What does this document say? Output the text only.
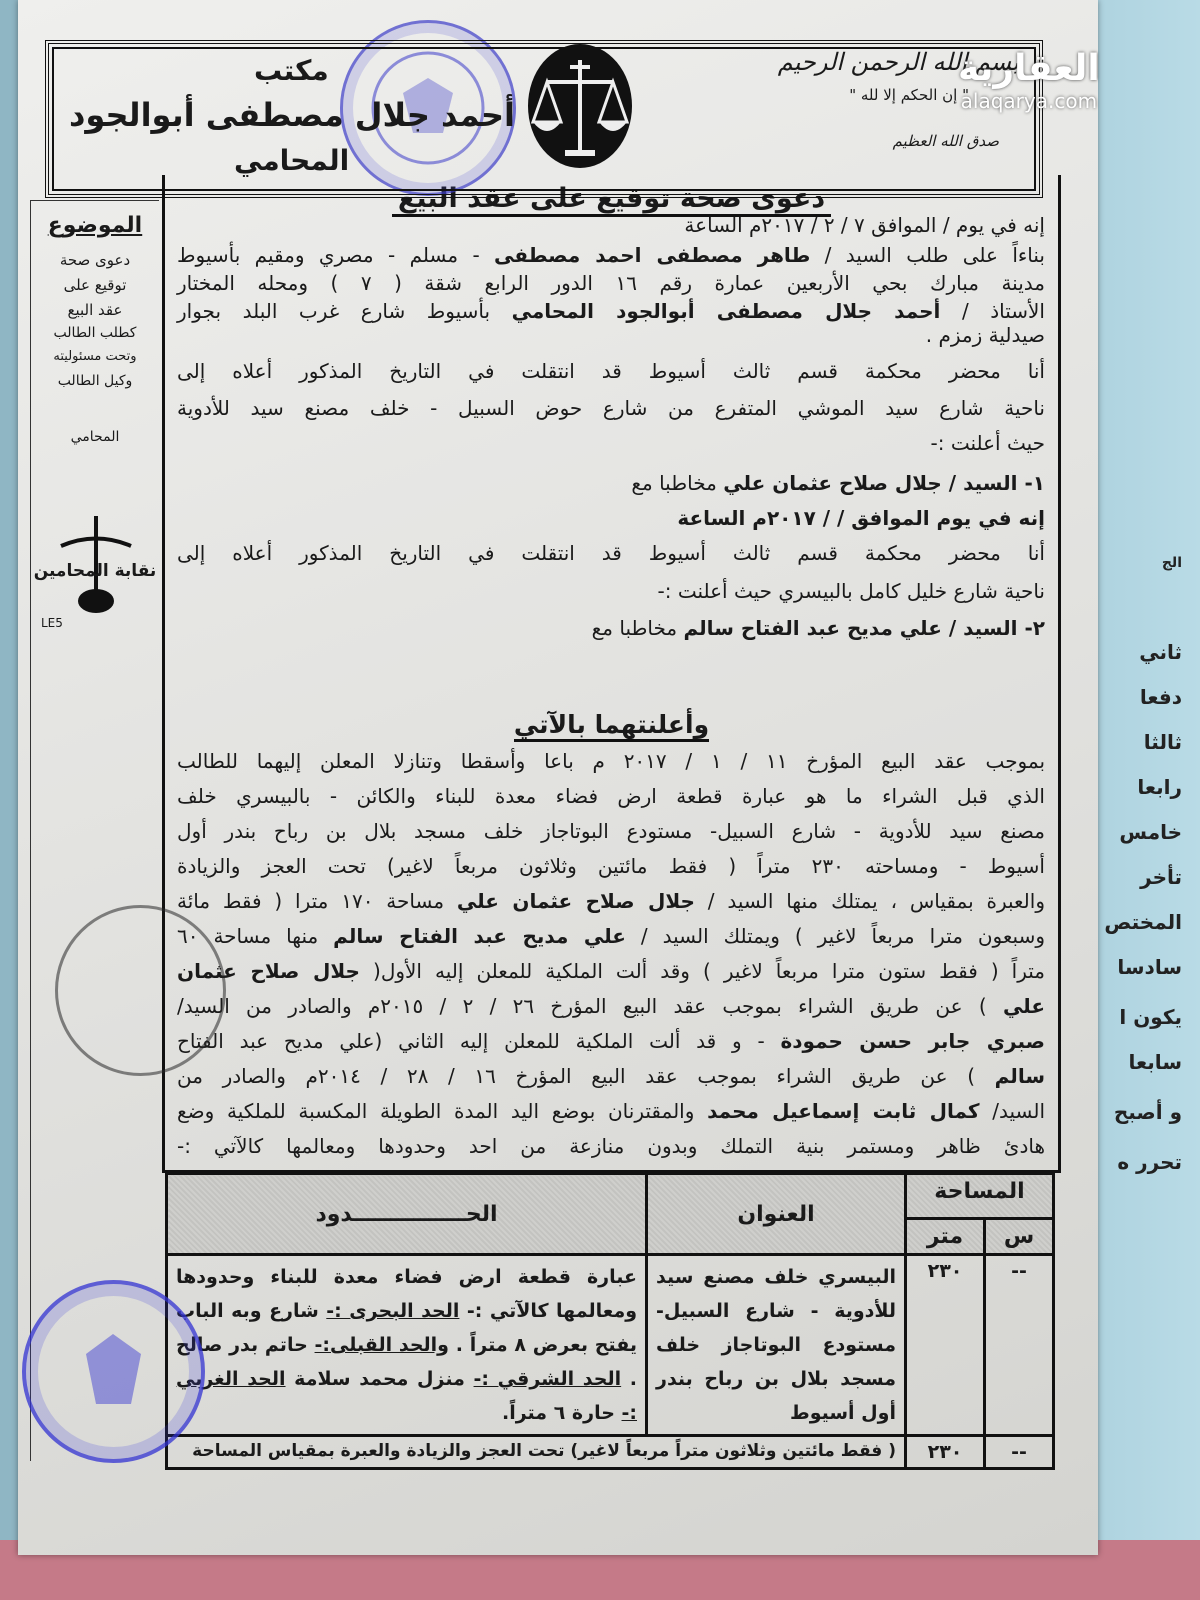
الج
ثاني
دفعا
ثالثا
رابعا
خامس
تأخر
المختص
سادسا
يكون ا
سابعا
و أصبح
تحرر ه
بسم الله الرحمن الرحيم
" إن الحكم إلا لله "
صدق الله العظيم
مكتب
أحمد جلال مصطفى أبوالجود
المحامي
العقارية
alaqarya.com
الموضوع
دعوى صحة
توقيع على
عقد البيع
كطلب الطالب
وتحت مسئوليته
وكيل الطالب
المحامي
نقابة المحامين
LE5
دعوى صحة توقيع على عقد البيع
إنه في يوم / الموافق ٧ / ٢ / ٢٠١٧م الساعة
بناءاً على طلب السيد / طاهر مصطفى احمد مصطفى - مسلم - مصري ومقيم بأسيوط
مدينة مبارك بحي الأربعين عمارة رقم ١٦ الدور الرابع شقة ( ٧ ) ومحله المختار
الأستاذ / أحمد جلال مصطفى أبوالجود المحامي بأسيوط شارع غرب البلد بجوار
صيدلية زمزم .
أنا محضر محكمة قسم ثالث أسيوط قد انتقلت في التاريخ المذكور أعلاه إلى
ناحية شارع سيد الموشي المتفرع من شارع حوض السبيل - خلف مصنع سيد للأدوية
حيث أعلنت :-
١- السيد / جلال صلاح عثمان علي مخاطبا مع
إنه في يوم الموافق / / ٢٠١٧م الساعة
أنا محضر محكمة قسم ثالث أسيوط قد انتقلت في التاريخ المذكور أعلاه إلى
ناحية شارع خليل كامل بالبيسري حيث أعلنت :-
٢- السيد / علي مديح عبد الفتاح سالم مخاطبا مع
بموجب عقد البيع المؤرخ ١١ / ١ / ٢٠١٧ م باعا وأسقطا وتنازلا المعلن إليهما للطالب
الذي قبل الشراء ما هو عبارة قطعة ارض فضاء معدة للبناء والكائن - بالبيسري خلف
مصنع سيد للأدوية - شارع السبيل- مستودع البوتاجاز خلف مسجد بلال بن رباح بندر أول
أسيوط - ومساحته ٢٣٠ متراً ( فقط مائتين وثلاثون مربعاً لاغير) تحت العجز والزيادة
والعبرة بمقياس ، يمتلك منها السيد / جلال صلاح عثمان علي مساحة ١٧٠ مترا ( فقط مائة
وسبعون مترا مربعاً لاغير ) ويمتلك السيد / علي مديح عبد الفتاح سالم منها مساحة ٦٠
متراً ( فقط ستون مترا مربعاً لاغير ) وقد ألت الملكية للمعلن إليه الأول( جلال صلاح عثمان
علي ) عن طريق الشراء بموجب عقد البيع المؤرخ ٢٦ / ٢ / ٢٠١٥م والصادر من السيد/
صبري جابر حسن حمودة - و قد ألت الملكية للمعلن إليه الثاني (علي مديح عبد الفتاح
سالم ) عن طريق الشراء بموجب عقد البيع المؤرخ ١٦ / ٢٨ / ٢٠١٤م والصادر من
السيد/ كمال ثابت إسماعيل محمد والمقترنان بوضع اليد المدة الطويلة المكسبة للملكية وضع
هادئ ظاهر ومستمر بنية التملك وبدون منازعة من احد وحدودها ومعالمها كالآتي :-
وأعلنتهما بالآتي
المساحة		العنوان	الحـــــــــــــــدود
س	متر		
--	٢٣٠	البيسري خلف مصنع سيد للأدوية - شارع السبيل- مستودع البوتاجاز خلف مسجد بلال بن رباح بندر أول أسيوط	عبارة قطعة ارض فضاء معدة للبناء وحدودها ومعالمها كالآتي :- الحد البحرى :- شارع وبه الباب يفتح بعرض ٨ متراً . والحد القبلى:- حاتم بدر صالح . الحد الشرقي :- منزل محمد سلامة الحد الغربي :- حارة ٦ متراً.
--	٢٣٠	( فقط مائتين وثلاثون متراً مربعاً لاغير) تحت العجز والزيادة والعبرة بمقياس المساحة	
